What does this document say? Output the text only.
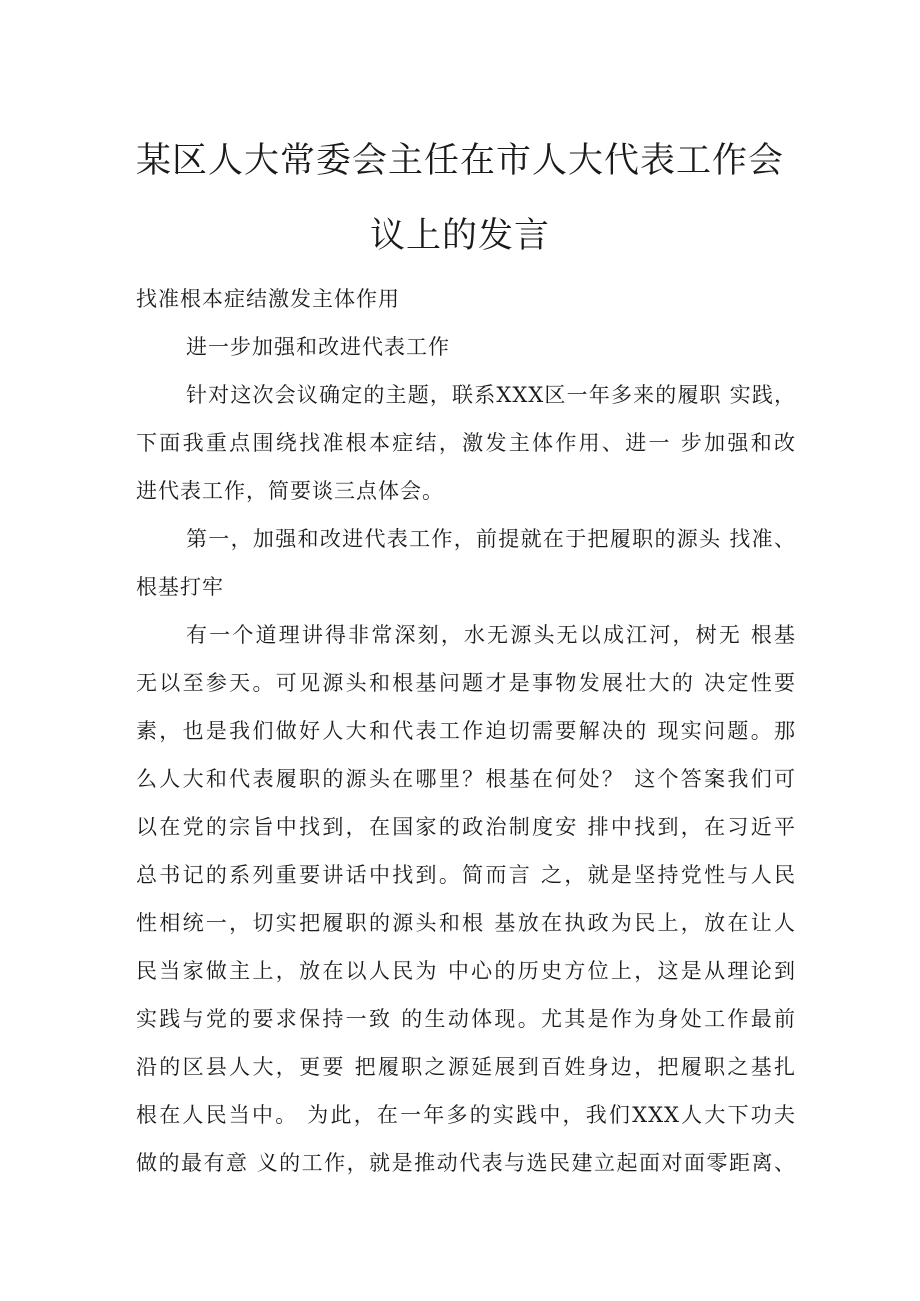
某区人大常委会主任在市人大代表工作会
议上的发言

找准根本症结激发主体作用

进一步加强和改进代表工作

针对这次会议确定的主题，联系XXX区一年多来的履职 实践，

下面我重点围绕找准根本症结，激发主体作用、进一 步加强和改

进代表工作，简要谈三点体会。

第一，加强和改进代表工作，前提就在于把履职的源头 找准、

根基打牢

有一个道理讲得非常深刻，水无源头无以成江河，树无 根基

无以至参天。可见源头和根基问题才是事物发展壮大的 决定性要

素，也是我们做好人大和代表工作迫切需要解决的 现实问题。那

么人大和代表履职的源头在哪里？根基在何处？ 这个答案我们可

以在党的宗旨中找到，在国家的政治制度安 排中找到，在习近平

总书记的系列重要讲话中找到。简而言 之，就是坚持党性与人民

性相统一，切实把履职的源头和根 基放在执政为民上，放在让人

民当家做主上，放在以人民为 中心的历史方位上，这是从理论到

实践与党的要求保持一致 的生动体现。尤其是作为身处工作最前

沿的区县人大，更要 把履职之源延展到百姓身边，把履职之基扎

根在人民当中。 为此，在一年多的实践中，我们XXX人大下功夫

做的最有意 义的工作，就是推动代表与选民建立起面对面零距离、
